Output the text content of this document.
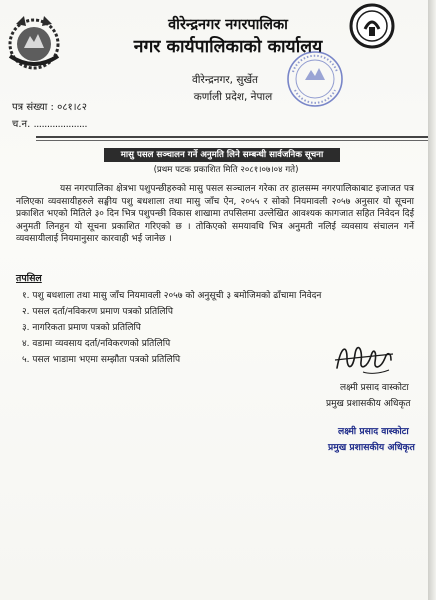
वीरेन्द्रनगर नगरपालिका
नगर कार्यपालिकाको कार्यालय
वीरेन्द्रनगर, सुर्खेत
कर्णाली प्रदेश, नेपाल
पत्र संख्या : ०८१।८२
च.न. ....................
मासु पसल सञ्चालन गर्ने अनुमति लिने सम्बन्धी सार्वजनिक सूचना
(प्रथम पटक प्रकाशित मिति २०८१।०७।०४ गते)

यस नगरपालिका क्षेत्रभा पशुपन्छीहरुको मासु पसल सञ्चालन गरेका तर हालसम्म नगरपालिकाबाट इजाजत पत्र नलिएका व्यवसायीहरुले सङ्घीय पशु बधशाला तथा मासु जाँच ऐन, २०५५ र सोको नियमावली २०५७ अनुसार यो सूचना प्रकाशित भएको मितिले ३० दिन भित्र पशुपन्छी विकास शाखामा तपसिलमा उल्लेखित आवश्यक कागजात सहित निवेदन दिई अनुमती लिनहुन यो सूचना प्रकाशित गरिएको छ । तोकिएको समयावधि भित्र अनुमती नलिई व्यवसाय संचालन गर्ने व्यवसायीलाई नियमानुसार कारवाही भई जानेछ ।

तपसिल
१. पशु बधशाला तथा मासु जाँच नियमावली २०५७ को अनुसूची ३ बमोजिमको ढाँचामा निवेदन
२. पसल दर्ता/नविकरण प्रमाण पत्रको प्रतिलिपि
३. नागरिकता प्रमाण पत्रको प्रतिलिपि
४. वडामा व्यवसाय दर्ता/नविकरणको प्रतिलिपि
५. पसल भाडामा भएमा सम्झौता पत्रको प्रतिलिपि
लक्ष्मी प्रसाद वास्कोटा
प्रमुख प्रशासकीय अधिकृत
लक्ष्मी प्रसाद वास्कोटा
प्रमुख प्रशासकीय अधिकृत
